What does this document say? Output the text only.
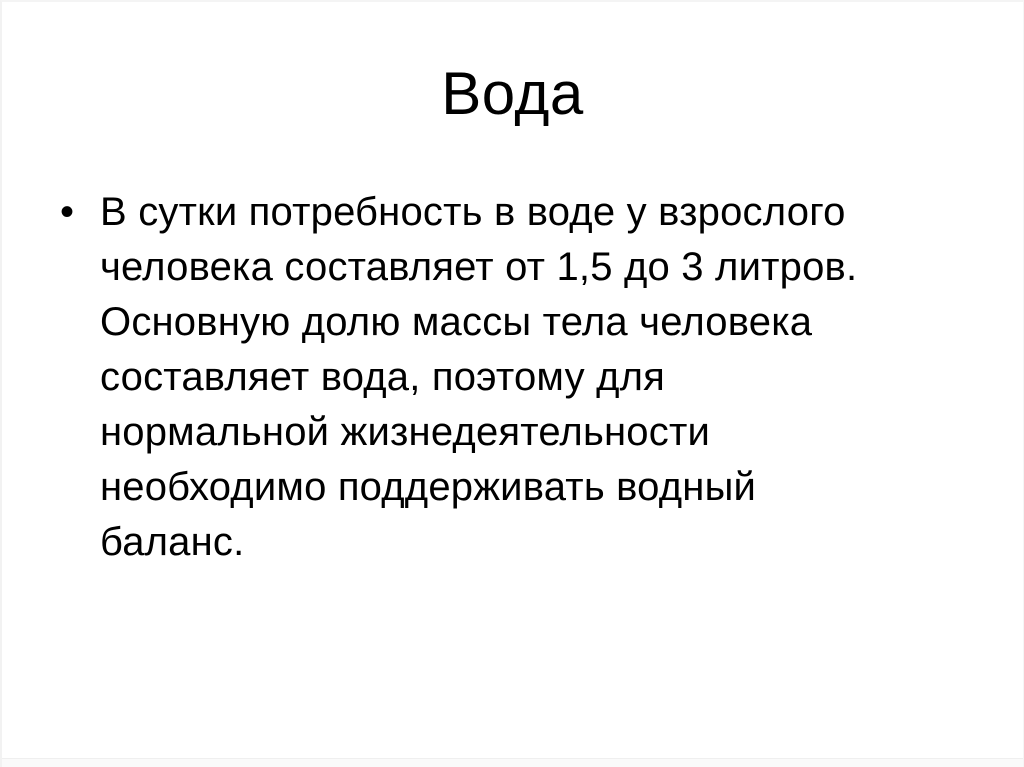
Вода
• В сутки потребность в воде у взрослого
человека составляет от 1,5 до 3 литров.
Основную долю массы тела человека
составляет вода, поэтому для
нормальной жизнедеятельности
необходимо поддерживать водный
баланс.
